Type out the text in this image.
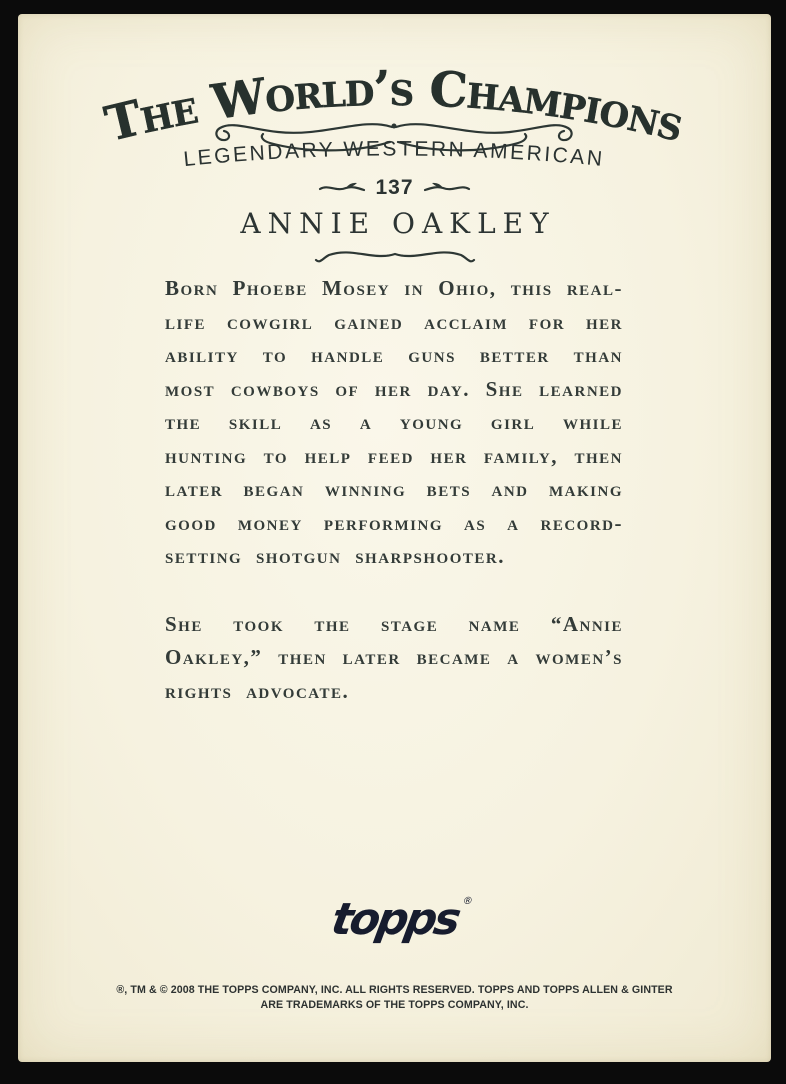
The World’s Champions
LEGENDARY WESTERN AMERICAN
137
ANNIE OAKLEY

Born Phoebe Mosey in Ohio, this real-life cowgirl gained acclaim for her ability to handle guns better than most cowboys of her day. She learned the skill as a young girl while hunting to help feed her family, then later began winning bets and making good money performing as a record-setting shotgun sharpshooter.

She took the stage name “Annie Oakley,” then later became a women’s rights advocate.

topps ®
®, TM & © 2008 THE TOPPS COMPANY, INC. ALL RIGHTS RESERVED. TOPPS AND TOPPS ALLEN & GINTER
ARE TRADEMARKS OF THE TOPPS COMPANY, INC.
